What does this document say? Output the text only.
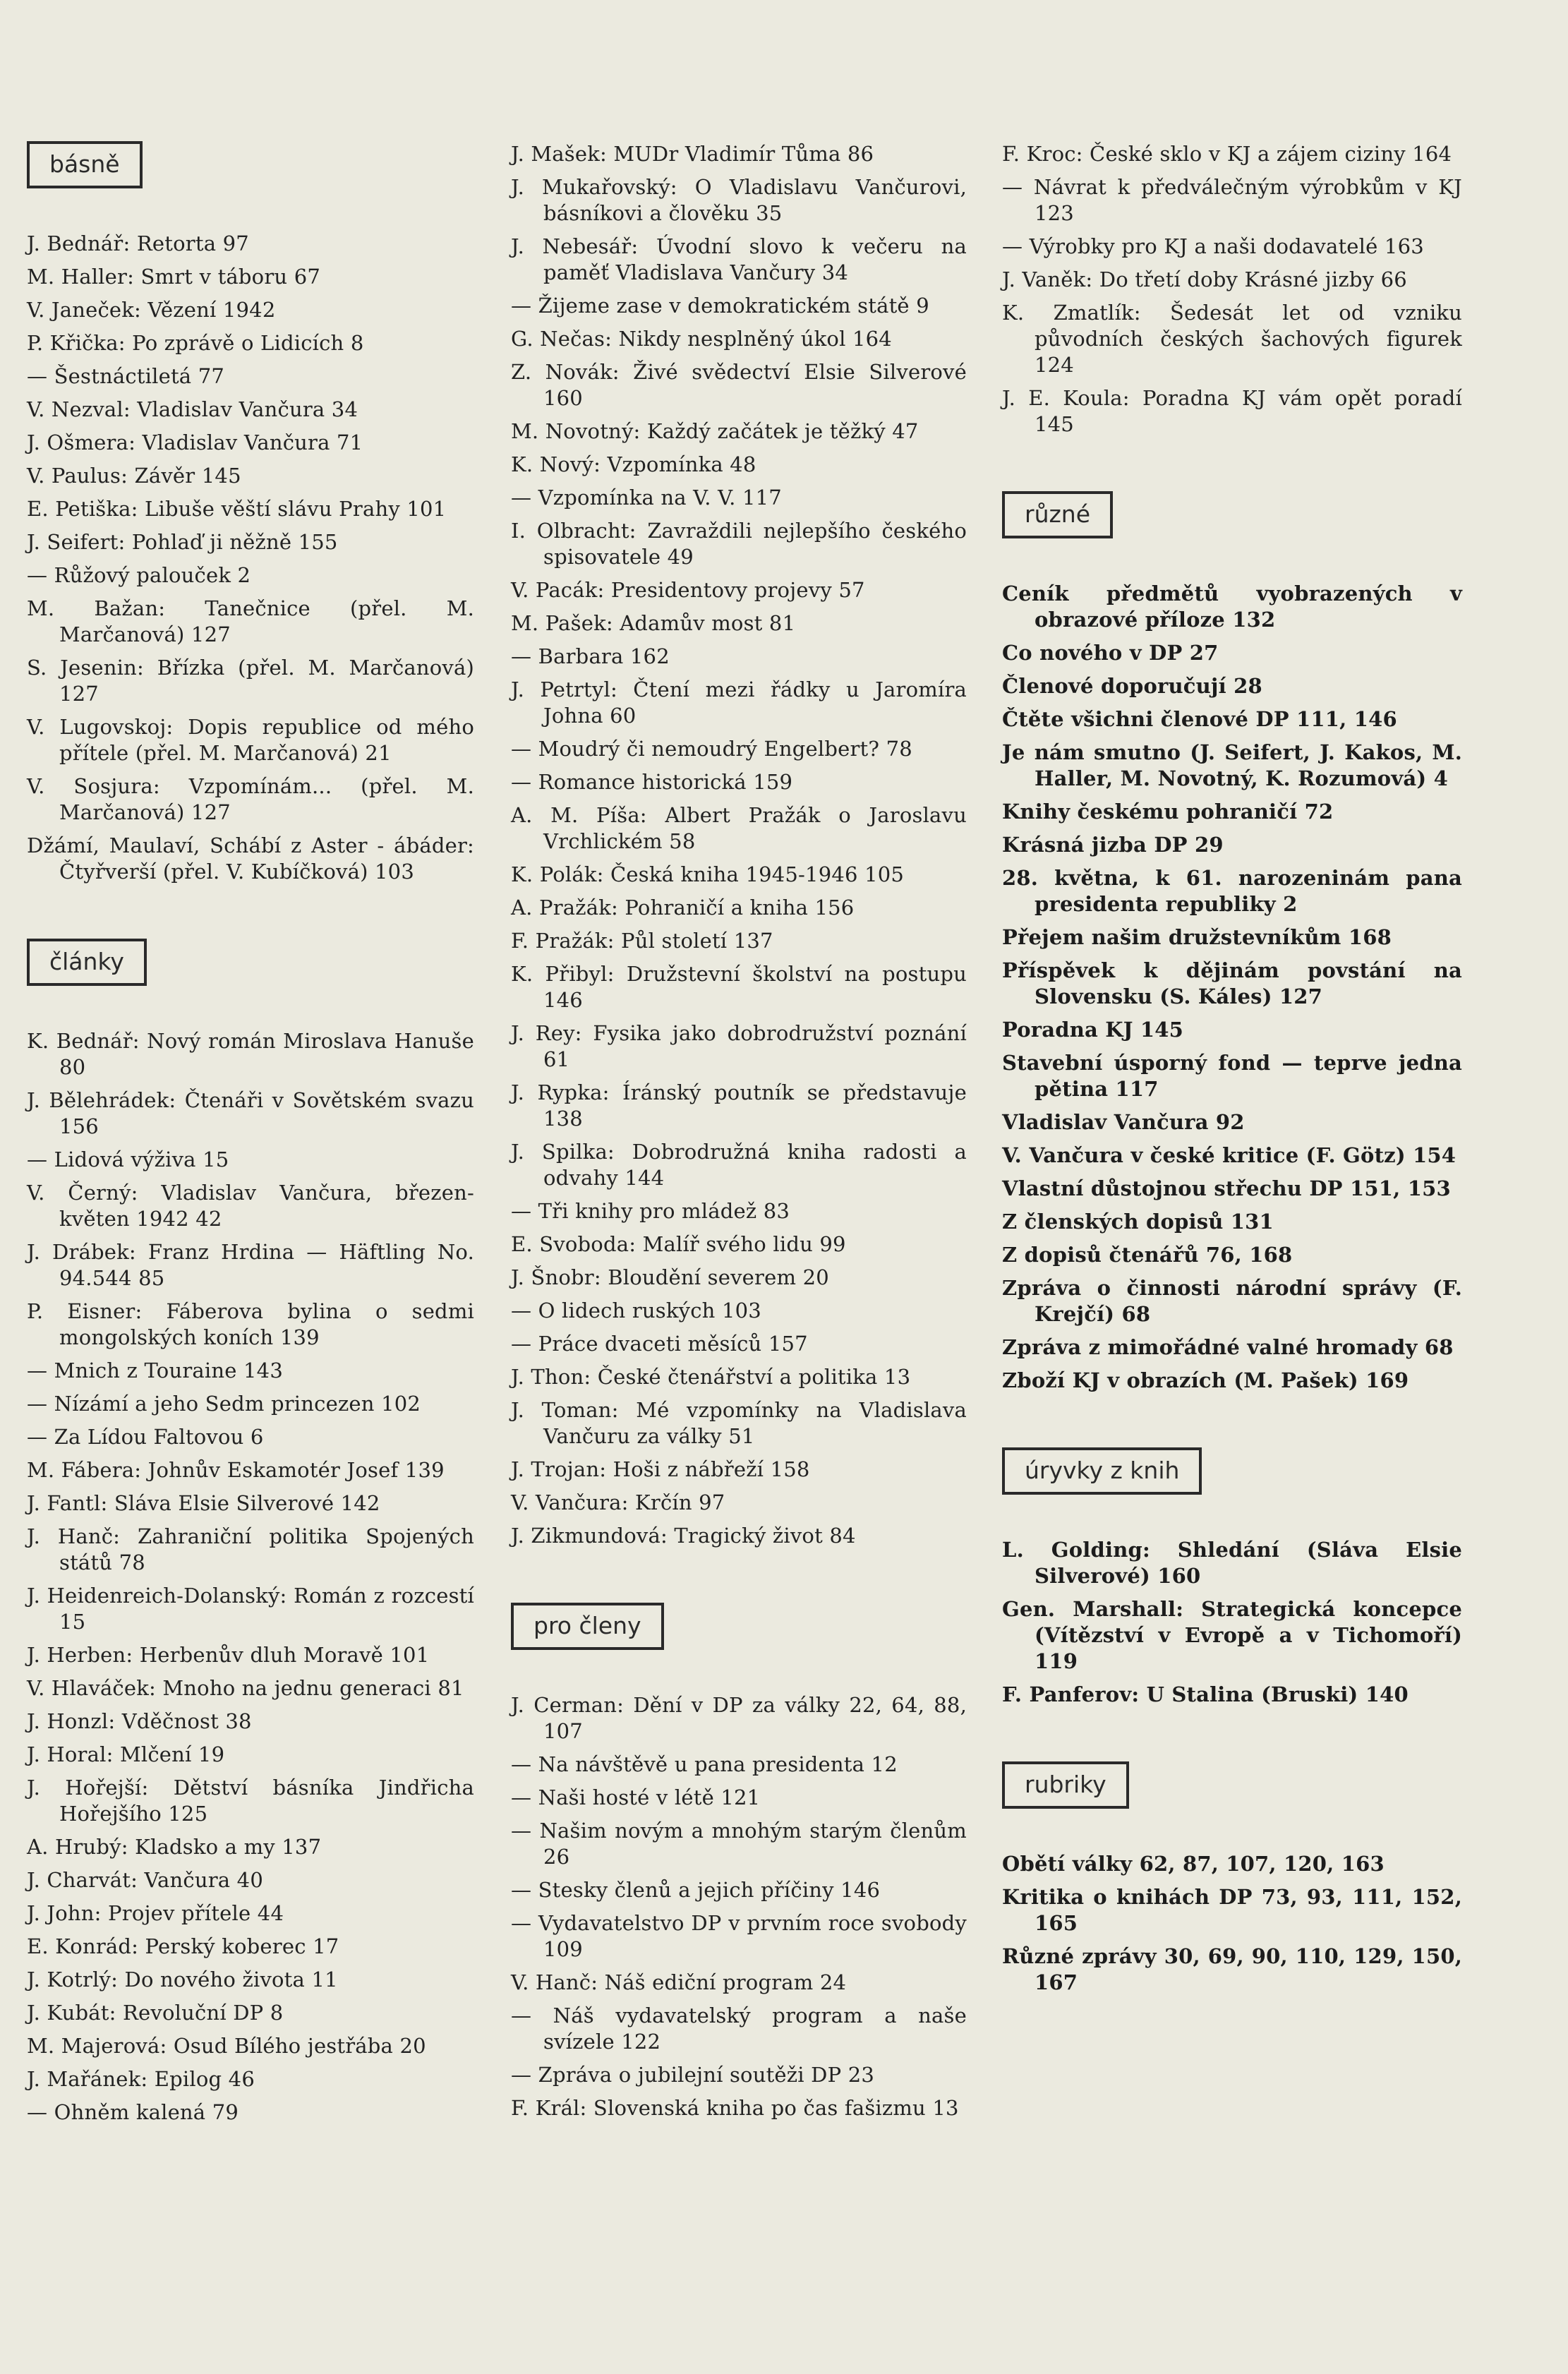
básně
J. Bednář: Retorta 97
M. Haller: Smrt v táboru 67
V. Janeček: Vězení 1942
P. Křička: Po zprávě o Lidicích 8
— Šestnáctiletá 77
V. Nezval: Vladislav Vančura 34
J. Ošmera: Vladislav Vančura 71
V. Paulus: Závěr 145
E. Petiška: Libuše věští slávu Prahy 101
J. Seifert: Pohlaď ji něžně 155
— Růžový palouček 2
M. Bažan: Tanečnice (přel. M. Marčanová) 127
S. Jesenin: Břízka (přel. M. Marčanová) 127
V. Lugovskoj: Dopis republice od mého přítele (přel. M. Marčanová) 21
V. Sosjura: Vzpomínám... (přel. M. Marčanová) 127
Džámí, Maulaví, Schábí z Aster - ábáder: Čtyřverší (přel. V. Kubíčková) 103
články
K. Bednář: Nový román Miroslava Hanuše 80
J. Bělehrádek: Čtenáři v Sovětském svazu 156
— Lidová výživa 15
V. Černý: Vladislav Vančura, březen-květen 1942 42
J. Drábek: Franz Hrdina — Häftling No. 94.544 85
P. Eisner: Fáberova bylina o sedmi mongolských koních 139
— Mnich z Touraine 143
— Nízámí a jeho Sedm princezen 102
— Za Lídou Faltovou 6
M. Fábera: Johnův Eskamotér Josef 139
J. Fantl: Sláva Elsie Silverové 142
J. Hanč: Zahraniční politika Spojených států 78
J. Heidenreich-Dolanský: Román z rozcestí 15
J. Herben: Herbenův dluh Moravě 101
V. Hlaváček: Mnoho na jednu generaci 81
J. Honzl: Vděčnost 38
J. Horal: Mlčení 19
J. Hořejší: Dětství básníka Jindřicha Hořejšího 125
A. Hrubý: Kladsko a my 137
J. Charvát: Vančura 40
J. John: Projev přítele 44
E. Konrád: Perský koberec 17
J. Kotrlý: Do nového života 11
J. Kubát: Revoluční DP 8
M. Majerová: Osud Bílého jestřába 20
J. Mařánek: Epilog 46
— Ohněm kalená 79
J. Mašek: MUDr Vladimír Tůma 86
J. Mukařovský: O Vladislavu Vančurovi, básníkovi a člověku 35
J. Nebesář: Úvodní slovo k večeru na paměť Vladislava Vančury 34
— Žijeme zase v demokratickém státě 9
G. Nečas: Nikdy nesplněný úkol 164
Z. Novák: Živé svědectví Elsie Silverové 160
M. Novotný: Každý začátek je těžký 47
K. Nový: Vzpomínka 48
— Vzpomínka na V. V. 117
I. Olbracht: Zavraždili nejlepšího českého spisovatele 49
V. Pacák: Presidentovy projevy 57
M. Pašek: Adamův most 81
— Barbara 162
J. Petrtyl: Čtení mezi řádky u Jaromíra Johna 60
— Moudrý či nemoudrý Engelbert? 78
— Romance historická 159
A. M. Píša: Albert Pražák o Jaroslavu Vrchlickém 58
K. Polák: Česká kniha 1945-1946 105
A. Pražák: Pohraničí a kniha 156
F. Pražák: Půl století 137
K. Přibyl: Družstevní školství na postupu 146
J. Rey: Fysika jako dobrodružství poznání 61
J. Rypka: Íránský poutník se představuje 138
J. Spilka: Dobrodružná kniha radosti a odvahy 144
— Tři knihy pro mládež 83
E. Svoboda: Malíř svého lidu 99
J. Šnobr: Bloudění severem 20
— O lidech ruských 103
— Práce dvaceti měsíců 157
J. Thon: České čtenářství a politika 13
J. Toman: Mé vzpomínky na Vladislava Vančuru za války 51
J. Trojan: Hoši z nábřeží 158
V. Vančura: Krčín 97
J. Zikmundová: Tragický život 84
pro členy
J. Cerman: Dění v DP za války 22, 64, 88, 107
— Na návštěvě u pana presidenta 12
— Naši hosté v létě 121
— Našim novým a mnohým starým členům 26
— Stesky členů a jejich příčiny 146
— Vydavatelstvo DP v prvním roce svobody 109
V. Hanč: Náš ediční program 24
— Náš vydavatelský program a naše svízele 122
— Zpráva o jubilejní soutěži DP 23
F. Král: Slovenská kniha po čas fašizmu 13
F. Kroc: České sklo v KJ a zájem ciziny 164
— Návrat k předválečným výrobkům v KJ 123
— Výrobky pro KJ a naši dodavatelé 163
J. Vaněk: Do třetí doby Krásné jizby 66
K. Zmatlík: Šedesát let od vzniku původních českých šachových figurek 124
J. E. Koula: Poradna KJ vám opět poradí 145
různé
Ceník předmětů vyobrazených v obrazové příloze 132
Co nového v DP 27
Členové doporučují 28
Čtěte všichni členové DP 111, 146
Je nám smutno (J. Seifert, J. Kakos, M. Haller, M. Novotný, K. Rozumová) 4
Knihy českému pohraničí 72
Krásná jizba DP 29
28. května, k 61. narozeninám pana presidenta republiky 2
Přejem našim družstevníkům 168
Příspěvek k dějinám povstání na Slovensku (S. Káles) 127
Poradna KJ 145
Stavební úsporný fond — teprve jedna pětina 117
Vladislav Vančura 92
V. Vančura v české kritice (F. Götz) 154
Vlastní důstojnou střechu DP 151, 153
Z členských dopisů 131
Z dopisů čtenářů 76, 168
Zpráva o činnosti národní správy (F. Krejčí) 68
Zpráva z mimořádné valné hromady 68
Zboží KJ v obrazích (M. Pašek) 169
úryvky z knih
L. Golding: Shledání (Sláva Elsie Silverové) 160
Gen. Marshall: Strategická koncepce (Vítězství v Evropě a v Tichomoří) 119
F. Panferov: U Stalina (Bruski) 140
rubriky
Obětí války 62, 87, 107, 120, 163
Kritika o knihách DP 73, 93, 111, 152, 165
Různé zprávy 30, 69, 90, 110, 129, 150, 167
